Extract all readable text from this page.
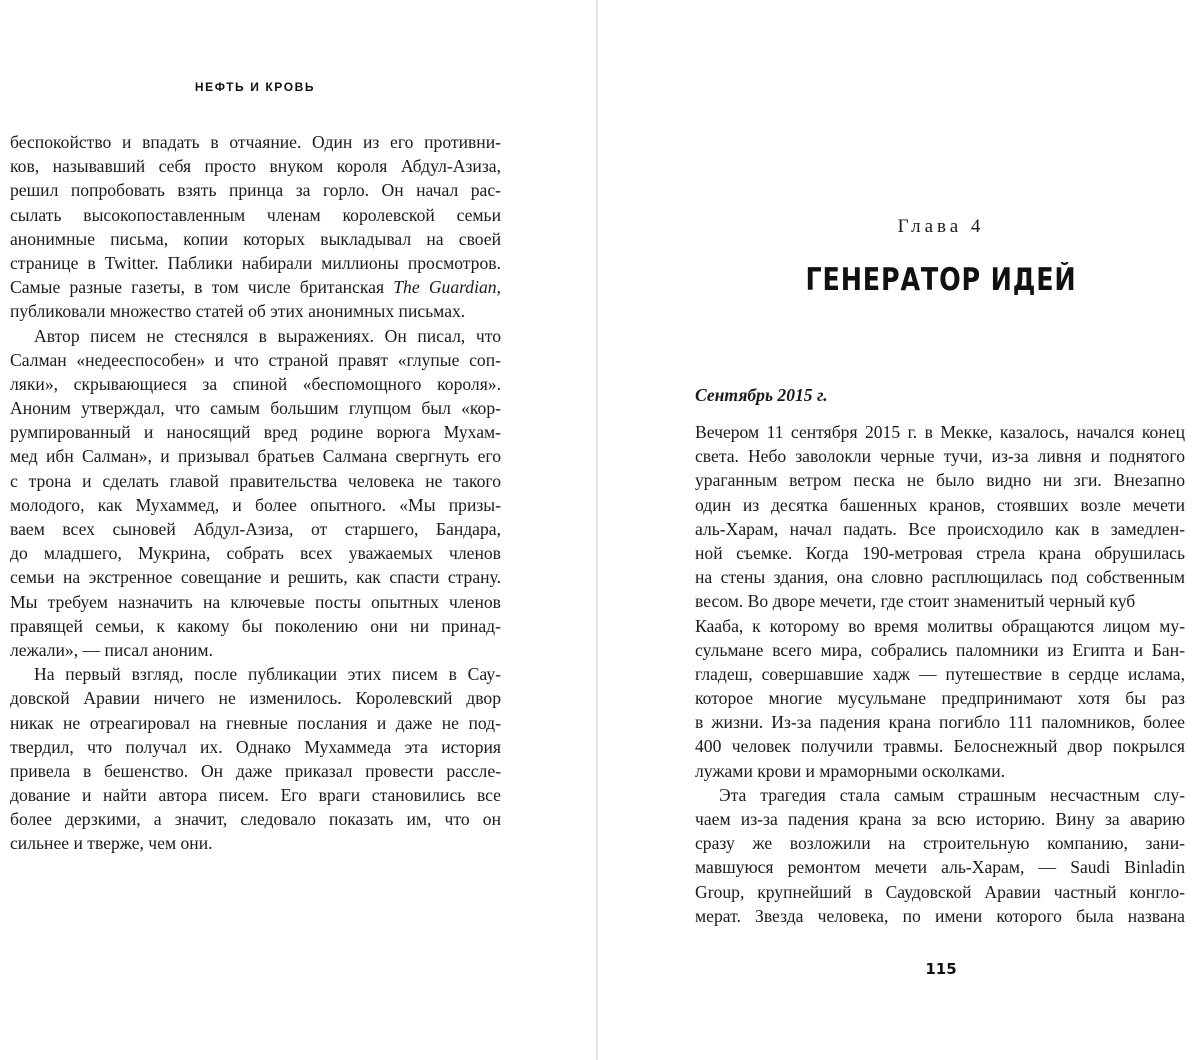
НЕФТЬ И КРОВЬ
беспокойство и впадать в отчаяние. Один из его противни-
ков, называвший себя просто внуком короля Абдул-Азиза,
решил попробовать взять принца за горло. Он начал рас-
сылать высокопоставленным членам королевской семьи
анонимные письма, копии которых выкладывал на своей
странице в Twitter. Паблики набирали миллионы просмотров.
Самые разные газеты, в том числе британская The Guardian,
публиковали множество статей об этих анонимных письмах.
Автор писем не стеснялся в выражениях. Он писал, что
Салман «недееспособен» и что страной правят «глупые соп-
ляки», скрывающиеся за спиной «беспомощного короля».
Аноним утверждал, что самым большим глупцом был «кор-
румпированный и наносящий вред родине ворюга Мухам-
мед ибн Салман», и призывал братьев Салмана свергнуть его
с трона и сделать главой правительства человека не такого
молодого, как Мухаммед, и более опытного. «Мы призы-
ваем всех сыновей Абдул-Азиза, от старшего, Бандара,
до младшего, Мукрина, собрать всех уважаемых членов
семьи на экстренное совещание и решить, как спасти страну.
Мы требуем назначить на ключевые посты опытных членов
правящей семьи, к какому бы поколению они ни принад-
лежали», — писал аноним.
На первый взгляд, после публикации этих писем в Сау-
довской Аравии ничего не изменилось. Королевский двор
никак не отреагировал на гневные послания и даже не под-
твердил, что получал их. Однако Мухаммеда эта история
привела в бешенство. Он даже приказал провести рассле-
дование и найти автора писем. Его враги становились все
более дерзкими, а значит, следовало показать им, что он
сильнее и тверже, чем они.
Глава 4
ГЕНЕРАТОР ИДЕЙ
Сентябрь 2015 г.
Вечером 11 сентября 2015 г. в Мекке, казалось, начался конец
света. Небо заволокли черные тучи, из-за ливня и поднятого
ураганным ветром песка не было видно ни зги. Внезапно
один из десятка башенных кранов, стоявших возле мечети
аль-Харам, начал падать. Все происходило как в замедлен-
ной съемке. Когда 190-метровая стрела крана обрушилась
на стены здания, она словно расплющилась под собственным
весом. Во дворе мечети, где стоит знаменитый черный куб
Кааба, к которому во время молитвы обращаются лицом му-
сульмане всего мира, собрались паломники из Египта и Бан-
гладеш, совершавшие хадж — путешествие в сердце ислама,
которое многие мусульмане предпринимают хотя бы раз
в жизни. Из-за падения крана погибло 111 паломников, более
400 человек получили травмы. Белоснежный двор покрылся
лужами крови и мраморными осколками.
Эта трагедия стала самым страшным несчастным слу-
чаем из-за падения крана за всю историю. Вину за аварию
сразу же возложили на строительную компанию, зани-
мавшуюся ремонтом мечети аль-Харам, — Saudi Binladin
Group, крупнейший в Саудовской Аравии частный конгло-
мерат. Звезда человека, по имени которого была названа
115
